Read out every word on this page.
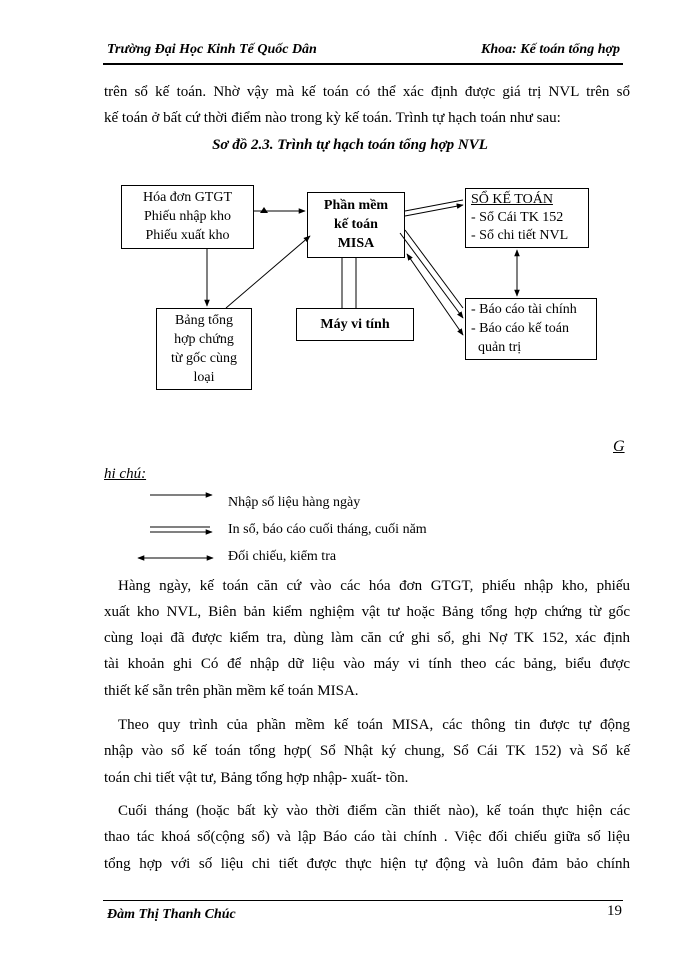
Trường Đại Học Kinh Tế Quốc Dân	Khoa: Kế toán tổng hợp
trên sổ kế toán. Nhờ vậy mà kế toán có thể xác định được giá trị NVL trên sổ
kế toán ở bất cứ thời điểm nào trong kỳ kế toán. Trình tự hạch toán như sau:
Sơ đồ 2.3. Trình tự hạch toán tổng hợp NVL
Hóa đơn GTGT
Phiếu nhập kho
Phiếu xuất kho
Phần mềm
kế toán
MISA
SỔ KẾ TOÁN
- Sổ Cái TK 152
- Sổ chi tiết NVL
Bảng tổng
hợp chứng
từ gốc cùng
loại
Máy vi tính
- Báo cáo tài chính
- Báo cáo kế toán
quản trị
G
hi chú:
Nhập số liệu hàng ngày
In sổ, báo cáo cuối tháng, cuối năm
Đối chiếu, kiểm tra
Hàng ngày, kế toán căn cứ vào các hóa đơn GTGT, phiếu nhập kho, phiếu
xuất kho NVL, Biên bản kiểm nghiệm vật tư hoặc Bảng tổng hợp chứng từ gốc
cùng loại đã được kiểm tra, dùng làm căn cứ ghi sổ, ghi Nợ TK 152, xác định
tài khoản ghi Có để nhập dữ liệu vào máy vi tính theo các bảng, biểu được
thiết kế sẵn trên phần mềm kế toán MISA.
Theo quy trình của phần mềm kế toán MISA, các thông tin được tự động
nhập vào sổ kế toán tổng hợp( Sổ Nhật ký chung, Sổ Cái TK 152) và Sổ kế
toán chi tiết vật tư, Bảng tổng hợp nhập- xuất- tồn.
Cuối tháng (hoặc bất kỳ vào thời điểm cần thiết nào), kế toán thực hiện các
thao tác khoá sổ(cộng sổ) và lập Báo cáo tài chính . Việc đối chiếu giữa số liệu
tổng hợp với số liệu chi tiết được thực hiện tự động và luôn đảm bảo chính
Đàm Thị Thanh Chúc	19
